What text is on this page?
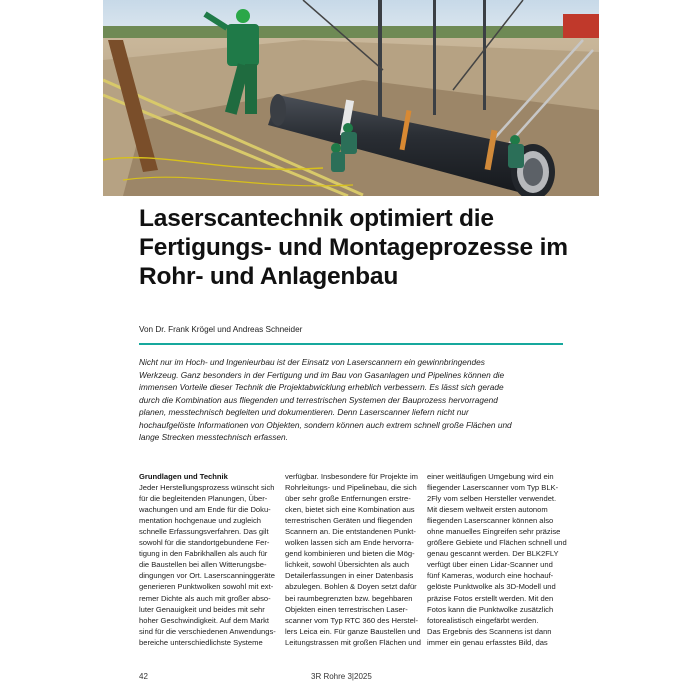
Laserscantechnik optimiert die
Fertigungs- und Montageprozesse im
Rohr- und Anlagenbau
Von Dr. Frank Krögel und Andreas Schneider
Nicht nur im Hoch- und Ingenieurbau ist der Einsatz von Laserscannern ein gewinnbringendes
Werkzeug. Ganz besonders in der Fertigung und im Bau von Gasanlagen und Pipelines können die
immensen Vorteile dieser Technik die Projektabwicklung erheblich verbessern. Es lässt sich gerade
durch die Kombination aus fliegenden und terrestrischen Systemen der Bauprozess hervorragend
planen, messtechnisch begleiten und dokumentieren. Denn Laserscanner liefern nicht nur
hochaufgelöste Informationen von Objekten, sondern können auch extrem schnell große Flächen und
lange Strecken messtechnisch erfassen.
Grundlagen und Technik
Jeder Herstellungsprozess wünscht sich
für die begleitenden Planungen, Über-
wachungen und am Ende für die Doku-
mentation hochgenaue und zugleich
schnelle Erfassungsverfahren. Das gilt
sowohl für die standortgebundene Fer-
tigung in den Fabrikhallen als auch für
die Baustellen bei allen Witterungsbe-
dingungen vor Ort. Laserscanninggeräte
generieren Punktwolken sowohl mit ext-
remer Dichte als auch mit großer abso-
luter Genauigkeit und beides mit sehr
hoher Geschwindigkeit. Auf dem Markt
sind für die verschiedenen Anwendungs-
bereiche unterschiedlichste Systeme
verfügbar. Insbesondere für Projekte im
Rohrleitungs- und Pipelinebau, die sich
über sehr große Entfernungen erstre-
cken, bietet sich eine Kombination aus
terrestrischen Geräten und fliegenden
Scannern an. Die entstandenen Punkt-
wolken lassen sich am Ende hervorra-
gend kombinieren und bieten die Mög-
lichkeit, sowohl Übersichten als auch
Detailerfassungen in einer Datenbasis
abzulegen. Bohlen & Doyen setzt dafür
bei raumbegrenzten bzw. begehbaren
Objekten einen terrestrischen Laser-
scanner vom Typ RTC 360 des Herstel-
lers Leica ein. Für ganze Baustellen und
Leitungstrassen mit großen Flächen und
einer weitläufigen Umgebung wird ein
fliegender Laserscanner vom Typ BLK-
2Fly vom selben Hersteller verwendet.
Mit diesem weltweit ersten autonom
fliegenden Laserscanner können also
ohne manuelles Eingreifen sehr präzise
größere Gebiete und Flächen schnell und
genau gescannt werden. Der BLK2FLY
verfügt über einen Lidar-Scanner und
fünf Kameras, wodurch eine hochauf-
gelöste Punktwolke als 3D-Modell und
präzise Fotos erstellt werden. Mit den
Fotos kann die Punktwolke zusätzlich
fotorealistisch eingefärbt werden.
Das Ergebnis des Scannens ist dann
immer ein genau erfasstes Bild, das
42	3R Rohre 3|2025
